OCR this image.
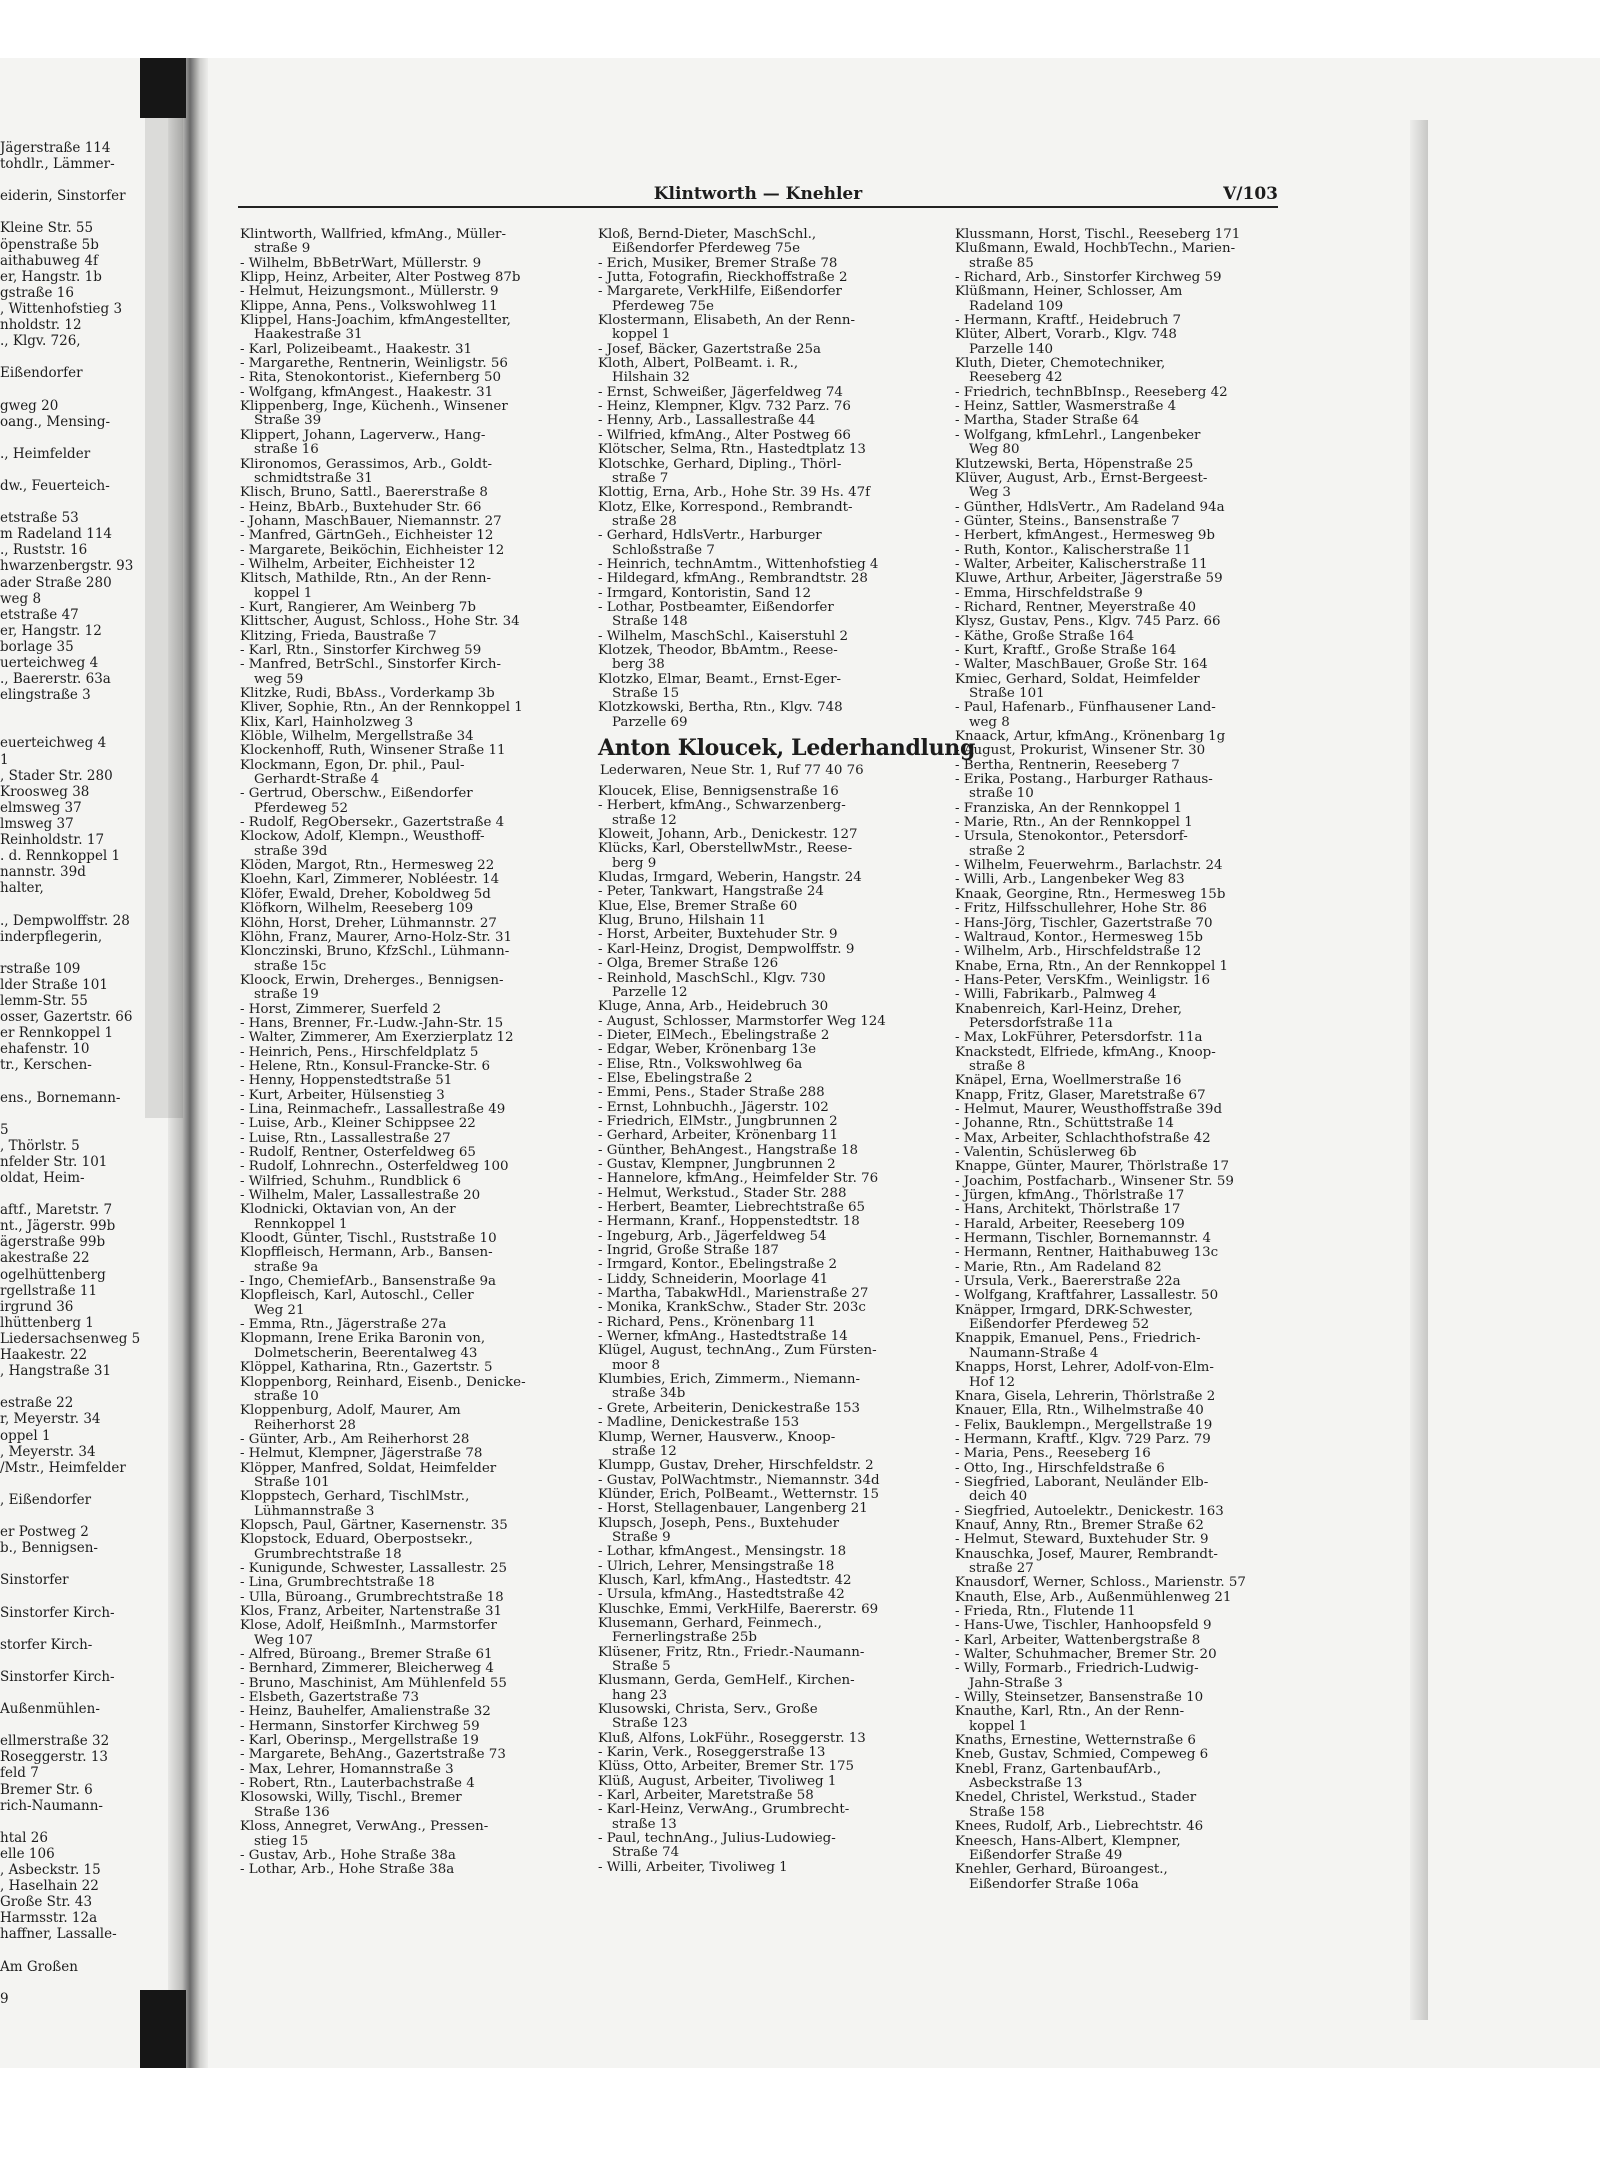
Jägerstraße 114
tohdlr., Lämmer-

eiderin, Sinstorfer

Kleine Str. 55
öpenstraße 5b
aithabuweg 4f
er, Hangstr. 1b
gstraße 16
, Wittenhofstieg 3
nholdstr. 12
., Klgv. 726,

Eißendorfer

gweg 20
oang., Mensing-

., Heimfelder

dw., Feuerteich-

etstraße 53
m Radeland 114
., Ruststr. 16
hwarzenbergstr. 93
ader Straße 280
weg 8
etstraße 47
er, Hangstr. 12
borlage 35
uerteichweg 4
., Baererstr. 63a
elingstraße 3

euerteichweg 4
1
, Stader Str. 280
Kroosweg 38
elmsweg 37
lmsweg 37
Reinholdstr. 17
. d. Rennkoppel 1
nannstr. 39d
halter,

., Dempwolffstr. 28
inderpflegerin,

rstraße 109
lder Straße 101
lemm-Str. 55
osser, Gazertstr. 66
er Rennkoppel 1
ehafenstr. 10
tr., Kerschen-

ens., Bornemann-

5
, Thörlstr. 5
nfelder Str. 101
oldat, Heim-

aftf., Maretstr. 7
nt., Jägerstr. 99b
ägerstraße 99b
akestraße 22
ogelhüttenberg
rgellstraße 11
irgrund 36
lhüttenberg 1
Liedersachsenweg 5
Haakestr. 22
, Hangstraße 31

estraße 22
r, Meyerstr. 34
oppel 1
, Meyerstr. 34
/Mstr., Heimfelder

, Eißendorfer

er Postweg 2
b., Bennigsen-

Sinstorfer

Sinstorfer Kirch-

storfer Kirch-

Sinstorfer Kirch-

Außenmühlen-

ellmerstraße 32
Roseggerstr. 13
feld 7
Bremer Str. 6
rich-Naumann-

htal 26
elle 106
, Asbeckstr. 15
, Haselhain 22
Große Str. 43
Harmsstr. 12a
haffner, Lassalle-

Am Großen

9
Klintworth — Knehler	V/103
Klintworth, Wallfried, kfmAng., Müller-
straße 9
- Wilhelm, BbBetrWart, Müllerstr. 9
Klipp, Heinz, Arbeiter, Alter Postweg 87b
- Helmut, Heizungsmont., Müllerstr. 9
Klippe, Anna, Pens., Volkswohlweg 11
Klippel, Hans-Joachim, kfmAngestellter,
Haakestraße 31
- Karl, Polizeibeamt., Haakestr. 31
- Margarethe, Rentnerin, Weinligstr. 56
- Rita, Stenokontorist., Kiefernberg 50
- Wolfgang, kfmAngest., Haakestr. 31
Klippenberg, Inge, Küchenh., Winsener
Straße 39
Klippert, Johann, Lagerverw., Hang-
straße 16
Klironomos, Gerassimos, Arb., Goldt-
schmidtstraße 31
Klisch, Bruno, Sattl., Baererstraße 8
- Heinz, BbArb., Buxtehuder Str. 66
- Johann, MaschBauer, Niemannstr. 27
- Manfred, GärtnGeh., Eichheister 12
- Margarete, Beiköchin, Eichheister 12
- Wilhelm, Arbeiter, Eichheister 12
Klitsch, Mathilde, Rtn., An der Renn-
koppel 1
- Kurt, Rangierer, Am Weinberg 7b
Klittscher, August, Schloss., Hohe Str. 34
Klitzing, Frieda, Baustraße 7
- Karl, Rtn., Sinstorfer Kirchweg 59
- Manfred, BetrSchl., Sinstorfer Kirch-
weg 59
Klitzke, Rudi, BbAss., Vorderkamp 3b
Kliver, Sophie, Rtn., An der Rennkoppel 1
Klix, Karl, Hainholzweg 3
Klöble, Wilhelm, Mergellstraße 34
Klockenhoff, Ruth, Winsener Straße 11
Klockmann, Egon, Dr. phil., Paul-
Gerhardt-Straße 4
- Gertrud, Oberschw., Eißendorfer
Pferdeweg 52
- Rudolf, RegObersekr., Gazertstraße 4
Klockow, Adolf, Klempn., Weusthoff-
straße 39d
Klöden, Margot, Rtn., Hermesweg 22
Kloehn, Karl, Zimmerer, Nobléestr. 14
Klöfer, Ewald, Dreher, Koboldweg 5d
Klöfkorn, Wilhelm, Reeseberg 109
Klöhn, Horst, Dreher, Lühmannstr. 27
Klöhn, Franz, Maurer, Arno-Holz-Str. 31
Klonczinski, Bruno, KfzSchl., Lühmann-
straße 15c
Kloock, Erwin, Dreherges., Bennigsen-
straße 19
- Horst, Zimmerer, Suerfeld 2
- Hans, Brenner, Fr.-Ludw.-Jahn-Str. 15
- Walter, Zimmerer, Am Exerzierplatz 12
- Heinrich, Pens., Hirschfeldplatz 5
- Helene, Rtn., Konsul-Francke-Str. 6
- Henny, Hoppenstedtstraße 51
- Kurt, Arbeiter, Hülsenstieg 3
- Lina, Reinmachefr., Lassallestraße 49
- Luise, Arb., Kleiner Schippsee 22
- Luise, Rtn., Lassallestraße 27
- Rudolf, Rentner, Osterfeldweg 65
- Rudolf, Lohnrechn., Osterfeldweg 100
- Wilfried, Schuhm., Rundblick 6
- Wilhelm, Maler, Lassallestraße 20
Klodnicki, Oktavian von, An der
Rennkoppel 1
Kloodt, Günter, Tischl., Ruststraße 10
Klopffleisch, Hermann, Arb., Bansen-
straße 9a
- Ingo, ChemiefArb., Bansenstraße 9a
Klopfleisch, Karl, Autoschl., Celler
Weg 21
- Emma, Rtn., Jägerstraße 27a
Klopmann, Irene Erika Baronin von,
Dolmetscherin, Beerentalweg 43
Klöppel, Katharina, Rtn., Gazertstr. 5
Kloppenborg, Reinhard, Eisenb., Denicke-
straße 10
Kloppenburg, Adolf, Maurer, Am
Reiherhorst 28
- Günter, Arb., Am Reiherhorst 28
- Helmut, Klempner, Jägerstraße 78
Klöpper, Manfred, Soldat, Heimfelder
Straße 101
Kloppstech, Gerhard, TischlMstr.,
Lühmannstraße 3
Klopsch, Paul, Gärtner, Kasernenstr. 35
Klopstock, Eduard, Oberpostsekr.,
Grumbrechtstraße 18
- Kunigunde, Schwester, Lassallestr. 25
- Lina, Grumbrechtstraße 18
- Ulla, Büroang., Grumbrechtstraße 18
Klos, Franz, Arbeiter, Nartenstraße 31
Klose, Adolf, HeißmInh., Marmstorfer
Weg 107
- Alfred, Büroang., Bremer Straße 61
- Bernhard, Zimmerer, Bleicherweg 4
- Bruno, Maschinist, Am Mühlenfeld 55
- Elsbeth, Gazertstraße 73
- Heinz, Bauhelfer, Amalienstraße 32
- Hermann, Sinstorfer Kirchweg 59
- Karl, Oberinsp., Mergellstraße 19
- Margarete, BehAng., Gazertstraße 73
- Max, Lehrer, Homannstraße 3
- Robert, Rtn., Lauterbachstraße 4
Klosowski, Willy, Tischl., Bremer
Straße 136
Kloss, Annegret, VerwAng., Pressen-
stieg 15
- Gustav, Arb., Hohe Straße 38a
- Lothar, Arb., Hohe Straße 38a
Kloß, Bernd-Dieter, MaschSchl.,
Eißendorfer Pferdeweg 75e
- Erich, Musiker, Bremer Straße 78
- Jutta, Fotografin, Rieckhoffstraße 2
- Margarete, VerkHilfe, Eißendorfer
Pferdeweg 75e
Klostermann, Elisabeth, An der Renn-
koppel 1
- Josef, Bäcker, Gazertstraße 25a
Kloth, Albert, PolBeamt. i. R.,
Hilshain 32
- Ernst, Schweißer, Jägerfeldweg 74
- Heinz, Klempner, Klgv. 732 Parz. 76
- Henny, Arb., Lassallestraße 44
- Wilfried, kfmAng., Alter Postweg 66
Klötscher, Selma, Rtn., Hastedtplatz 13
Klotschke, Gerhard, Dipling., Thörl-
straße 7
Klottig, Erna, Arb., Hohe Str. 39 Hs. 47f
Klotz, Elke, Korrespond., Rembrandt-
straße 28
- Gerhard, HdlsVertr., Harburger
Schloßstraße 7
- Heinrich, technAmtm., Wittenhofstieg 4
- Hildegard, kfmAng., Rembrandtstr. 28
- Irmgard, Kontoristin, Sand 12
- Lothar, Postbeamter, Eißendorfer
Straße 148
- Wilhelm, MaschSchl., Kaiserstuhl 2
Klotzek, Theodor, BbAmtm., Reese-
berg 38
Klotzko, Elmar, Beamt., Ernst-Eger-
Straße 15
Klotzkowski, Bertha, Rtn., Klgv. 748
Parzelle 69
Anton Kloucek, Lederhandlung
Lederwaren, Neue Str. 1, Ruf 77 40 76
Kloucek, Elise, Bennigsenstraße 16
- Herbert, kfmAng., Schwarzenberg-
straße 12
Kloweit, Johann, Arb., Denickestr. 127
Klücks, Karl, OberstellwMstr., Reese-
berg 9
Kludas, Irmgard, Weberin, Hangstr. 24
- Peter, Tankwart, Hangstraße 24
Klue, Else, Bremer Straße 60
Klug, Bruno, Hilshain 11
- Horst, Arbeiter, Buxtehuder Str. 9
- Karl-Heinz, Drogist, Dempwolffstr. 9
- Olga, Bremer Straße 126
- Reinhold, MaschSchl., Klgv. 730
Parzelle 12
Kluge, Anna, Arb., Heidebruch 30
- August, Schlosser, Marmstorfer Weg 124
- Dieter, ElMech., Ebelingstraße 2
- Edgar, Weber, Krönenbarg 13e
- Elise, Rtn., Volkswohlweg 6a
- Else, Ebelingstraße 2
- Emmi, Pens., Stader Straße 288
- Ernst, Lohnbuchh., Jägerstr. 102
- Friedrich, ElMstr., Jungbrunnen 2
- Gerhard, Arbeiter, Krönenbarg 11
- Günther, BehAngest., Hangstraße 18
- Gustav, Klempner, Jungbrunnen 2
- Hannelore, kfmAng., Heimfelder Str. 76
- Helmut, Werkstud., Stader Str. 288
- Herbert, Beamter, Liebrechtstraße 65
- Hermann, Kranf., Hoppenstedtstr. 18
- Ingeburg, Arb., Jägerfeldweg 54
- Ingrid, Große Straße 187
- Irmgard, Kontor., Ebelingstraße 2
- Liddy, Schneiderin, Moorlage 41
- Martha, TabakwHdl., Marienstraße 27
- Monika, KrankSchw., Stader Str. 203c
- Richard, Pens., Krönenbarg 11
- Werner, kfmAng., Hastedtstraße 14
Klügel, August, technAng., Zum Fürsten-
moor 8
Klumbies, Erich, Zimmerm., Niemann-
straße 34b
- Grete, Arbeiterin, Denickestraße 153
- Madline, Denickestraße 153
Klump, Werner, Hausverw., Knoop-
straße 12
Klumpp, Gustav, Dreher, Hirschfeldstr. 2
- Gustav, PolWachtmstr., Niemannstr. 34d
Klünder, Erich, PolBeamt., Wetternstr. 15
- Horst, Stellagenbauer, Langenberg 21
Klupsch, Joseph, Pens., Buxtehuder
Straße 9
- Lothar, kfmAngest., Mensingstr. 18
- Ulrich, Lehrer, Mensingstraße 18
Klusch, Karl, kfmAng., Hastedtstr. 42
- Ursula, kfmAng., Hastedtstraße 42
Kluschke, Emmi, VerkHilfe, Baererstr. 69
Klusemann, Gerhard, Feinmech.,
Fernerlingstraße 25b
Klüsener, Fritz, Rtn., Friedr.-Naumann-
Straße 5
Klusmann, Gerda, GemHelf., Kirchen-
hang 23
Klusowski, Christa, Serv., Große
Straße 123
Kluß, Alfons, LokFühr., Roseggerstr. 13
- Karin, Verk., Roseggerstraße 13
Klüss, Otto, Arbeiter, Bremer Str. 175
Klüß, August, Arbeiter, Tivoliweg 1
- Karl, Arbeiter, Maretstraße 58
- Karl-Heinz, VerwAng., Grumbrecht-
straße 13
- Paul, technAng., Julius-Ludowieg-
Straße 74
- Willi, Arbeiter, Tivoliweg 1
Klussmann, Horst, Tischl., Reeseberg 171
Klußmann, Ewald, HochbTechn., Marien-
straße 85
- Richard, Arb., Sinstorfer Kirchweg 59
Klüßmann, Heiner, Schlosser, Am
Radeland 109
- Hermann, Kraftf., Heidebruch 7
Klüter, Albert, Vorarb., Klgv. 748
Parzelle 140
Kluth, Dieter, Chemotechniker,
Reeseberg 42
- Friedrich, technBbInsp., Reeseberg 42
- Heinz, Sattler, Wasmerstraße 4
- Martha, Stader Straße 64
- Wolfgang, kfmLehrl., Langenbeker
Weg 80
Klutzewski, Berta, Höpenstraße 25
Klüver, August, Arb., Ernst-Bergeest-
Weg 3
- Günther, HdlsVertr., Am Radeland 94a
- Günter, Steins., Bansenstraße 7
- Herbert, kfmAngest., Hermesweg 9b
- Ruth, Kontor., Kalischerstraße 11
- Walter, Arbeiter, Kalischerstraße 11
Kluwe, Arthur, Arbeiter, Jägerstraße 59
- Emma, Hirschfeldstraße 9
- Richard, Rentner, Meyerstraße 40
Klysz, Gustav, Pens., Klgv. 745 Parz. 66
- Käthe, Große Straße 164
- Kurt, Kraftf., Große Straße 164
- Walter, MaschBauer, Große Str. 164
Kmiec, Gerhard, Soldat, Heimfelder
Straße 101
- Paul, Hafenarb., Fünfhausener Land-
weg 8
Knaack, Artur, kfmAng., Krönenbarg 1g
- August, Prokurist, Winsener Str. 30
- Bertha, Rentnerin, Reeseberg 7
- Erika, Postang., Harburger Rathaus-
straße 10
- Franziska, An der Rennkoppel 1
- Marie, Rtn., An der Rennkoppel 1
- Ursula, Stenokontor., Petersdorf-
straße 2
- Wilhelm, Feuerwehrm., Barlachstr. 24
- Willi, Arb., Langenbeker Weg 83
Knaak, Georgine, Rtn., Hermesweg 15b
- Fritz, Hilfsschullehrer, Hohe Str. 86
- Hans-Jörg, Tischler, Gazertstraße 70
- Waltraud, Kontor., Hermesweg 15b
- Wilhelm, Arb., Hirschfeldstraße 12
Knabe, Erna, Rtn., An der Rennkoppel 1
- Hans-Peter, VersKfm., Weinligstr. 16
- Willi, Fabrikarb., Palmweg 4
Knabenreich, Karl-Heinz, Dreher,
Petersdorfstraße 11a
- Max, LokFührer, Petersdorfstr. 11a
Knackstedt, Elfriede, kfmAng., Knoop-
straße 8
Knäpel, Erna, Woellmerstraße 16
Knapp, Fritz, Glaser, Maretstraße 67
- Helmut, Maurer, Weusthoffstraße 39d
- Johanne, Rtn., Schüttstraße 14
- Max, Arbeiter, Schlachthofstraße 42
- Valentin, Schüslerweg 6b
Knappe, Günter, Maurer, Thörlstraße 17
- Joachim, Postfacharb., Winsener Str. 59
- Jürgen, kfmAng., Thörlstraße 17
- Hans, Architekt, Thörlstraße 17
- Harald, Arbeiter, Reeseberg 109
- Hermann, Tischler, Bornemannstr. 4
- Hermann, Rentner, Haithabuweg 13c
- Marie, Rtn., Am Radeland 82
- Ursula, Verk., Baererstraße 22a
- Wolfgang, Kraftfahrer, Lassallestr. 50
Knäpper, Irmgard, DRK-Schwester,
Eißendorfer Pferdeweg 52
Knappik, Emanuel, Pens., Friedrich-
Naumann-Straße 4
Knapps, Horst, Lehrer, Adolf-von-Elm-
Hof 12
Knara, Gisela, Lehrerin, Thörlstraße 2
Knauer, Ella, Rtn., Wilhelmstraße 40
- Felix, Bauklempn., Mergellstraße 19
- Hermann, Kraftf., Klgv. 729 Parz. 79
- Maria, Pens., Reeseberg 16
- Otto, Ing., Hirschfeldstraße 6
- Siegfried, Laborant, Neuländer Elb-
deich 40
- Siegfried, Autoelektr., Denickestr. 163
Knauf, Anny, Rtn., Bremer Straße 62
- Helmut, Steward, Buxtehuder Str. 9
Knauschka, Josef, Maurer, Rembrandt-
straße 27
Knausdorf, Werner, Schloss., Marienstr. 57
Knauth, Else, Arb., Außenmühlenweg 21
- Frieda, Rtn., Flutende 11
- Hans-Uwe, Tischler, Hanhoopsfeld 9
- Karl, Arbeiter, Wattenbergstraße 8
- Walter, Schuhmacher, Bremer Str. 20
- Willy, Formarb., Friedrich-Ludwig-
Jahn-Straße 3
- Willy, Steinsetzer, Bansenstraße 10
Knauthe, Karl, Rtn., An der Renn-
koppel 1
Knaths, Ernestine, Wetternstraße 6
Kneb, Gustav, Schmied, Compeweg 6
Knebl, Franz, GartenbaufArb.,
Asbeckstraße 13
Knedel, Christel, Werkstud., Stader
Straße 158
Knees, Rudolf, Arb., Liebrechtstr. 46
Kneesch, Hans-Albert, Klempner,
Eißendorfer Straße 49
Knehler, Gerhard, Büroangest.,
Eißendorfer Straße 106a
